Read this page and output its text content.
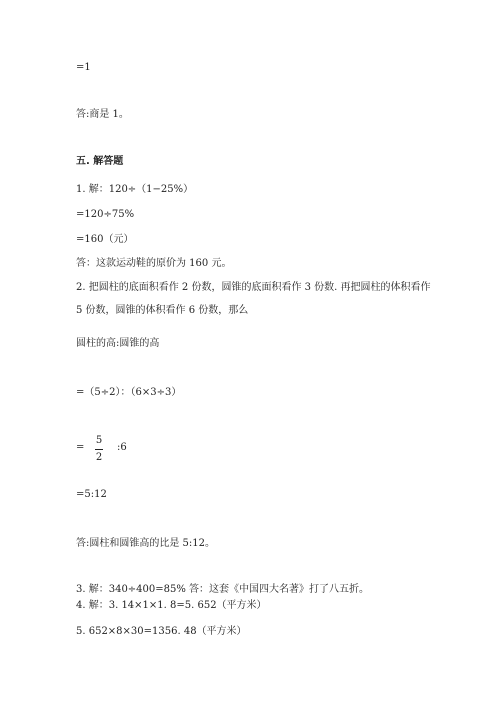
=1
答:商是 1。
五. 解答题
1. 解：120÷（1−25%）
=120÷75%
=160（元）
答：这款运动鞋的原价为 160 元。
2. 把圆柱的底面积看作 2 份数，圆锥的底面积看作 3 份数. 再把圆柱的体积看作
5 份数，圆锥的体积看作 6 份数，那么
圆柱的高:圆锥的高
=（5÷2）：（6×3÷3）
=
5
2
:6
=5:12
答:圆柱和圆锥高的比是 5:12。
3. 解：340÷400=85% 答：这套《中国四大名著》打了八五折。
4. 解：3. 14×1×1. 8=5. 652（平方米）
5. 652×8×30=1356. 48（平方米）
